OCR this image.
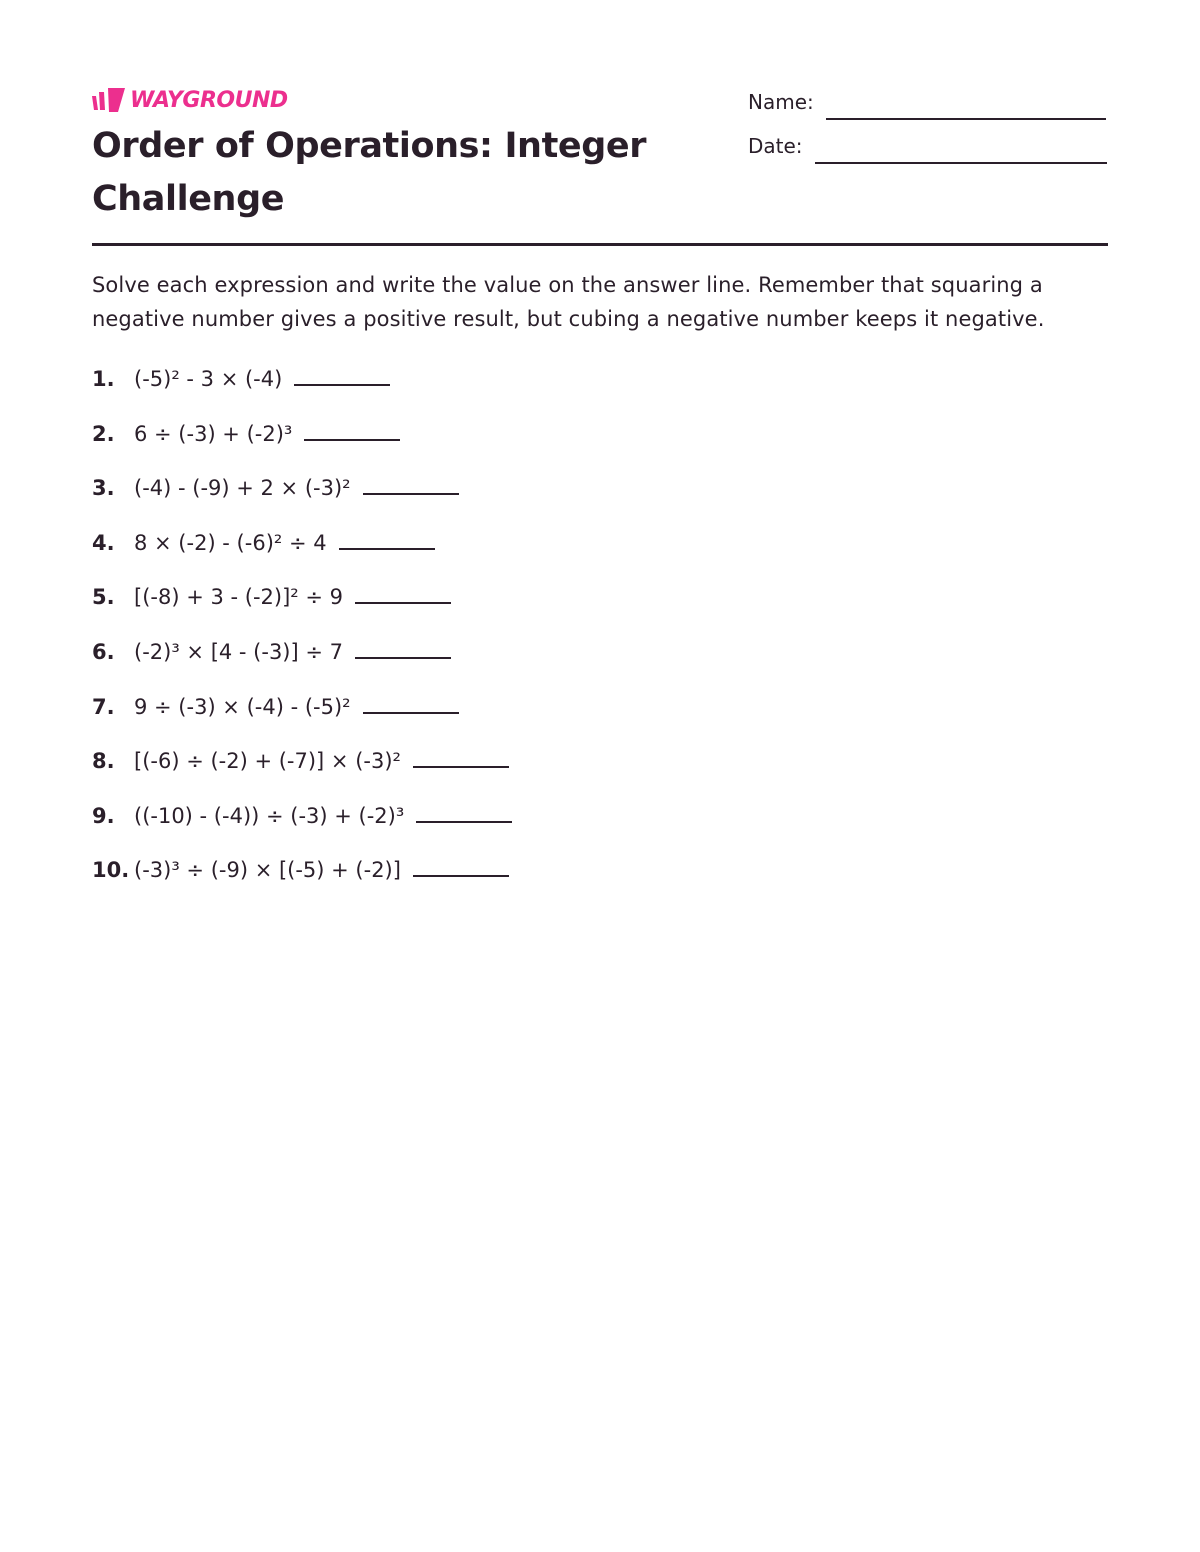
WAYGROUND
Order of Operations: Integer Challenge
Name:
Date:
Solve each expression and write the value on the answer line. Remember that squaring a negative number gives a positive result, but cubing a negative number keeps it negative.
1. (-5)² - 3 × (-4)
2. 6 ÷ (-3) + (-2)³
3. (-4) - (-9) + 2 × (-3)²
4. 8 × (-2) - (-6)² ÷ 4
5. [(-8) + 3 - (-2)]² ÷ 9
6. (-2)³ × [4 - (-3)] ÷ 7
7. 9 ÷ (-3) × (-4) - (-5)²
8. [(-6) ÷ (-2) + (-7)] × (-3)²
9. ((-10) - (-4)) ÷ (-3) + (-2)³
10. (-3)³ ÷ (-9) × [(-5) + (-2)]
